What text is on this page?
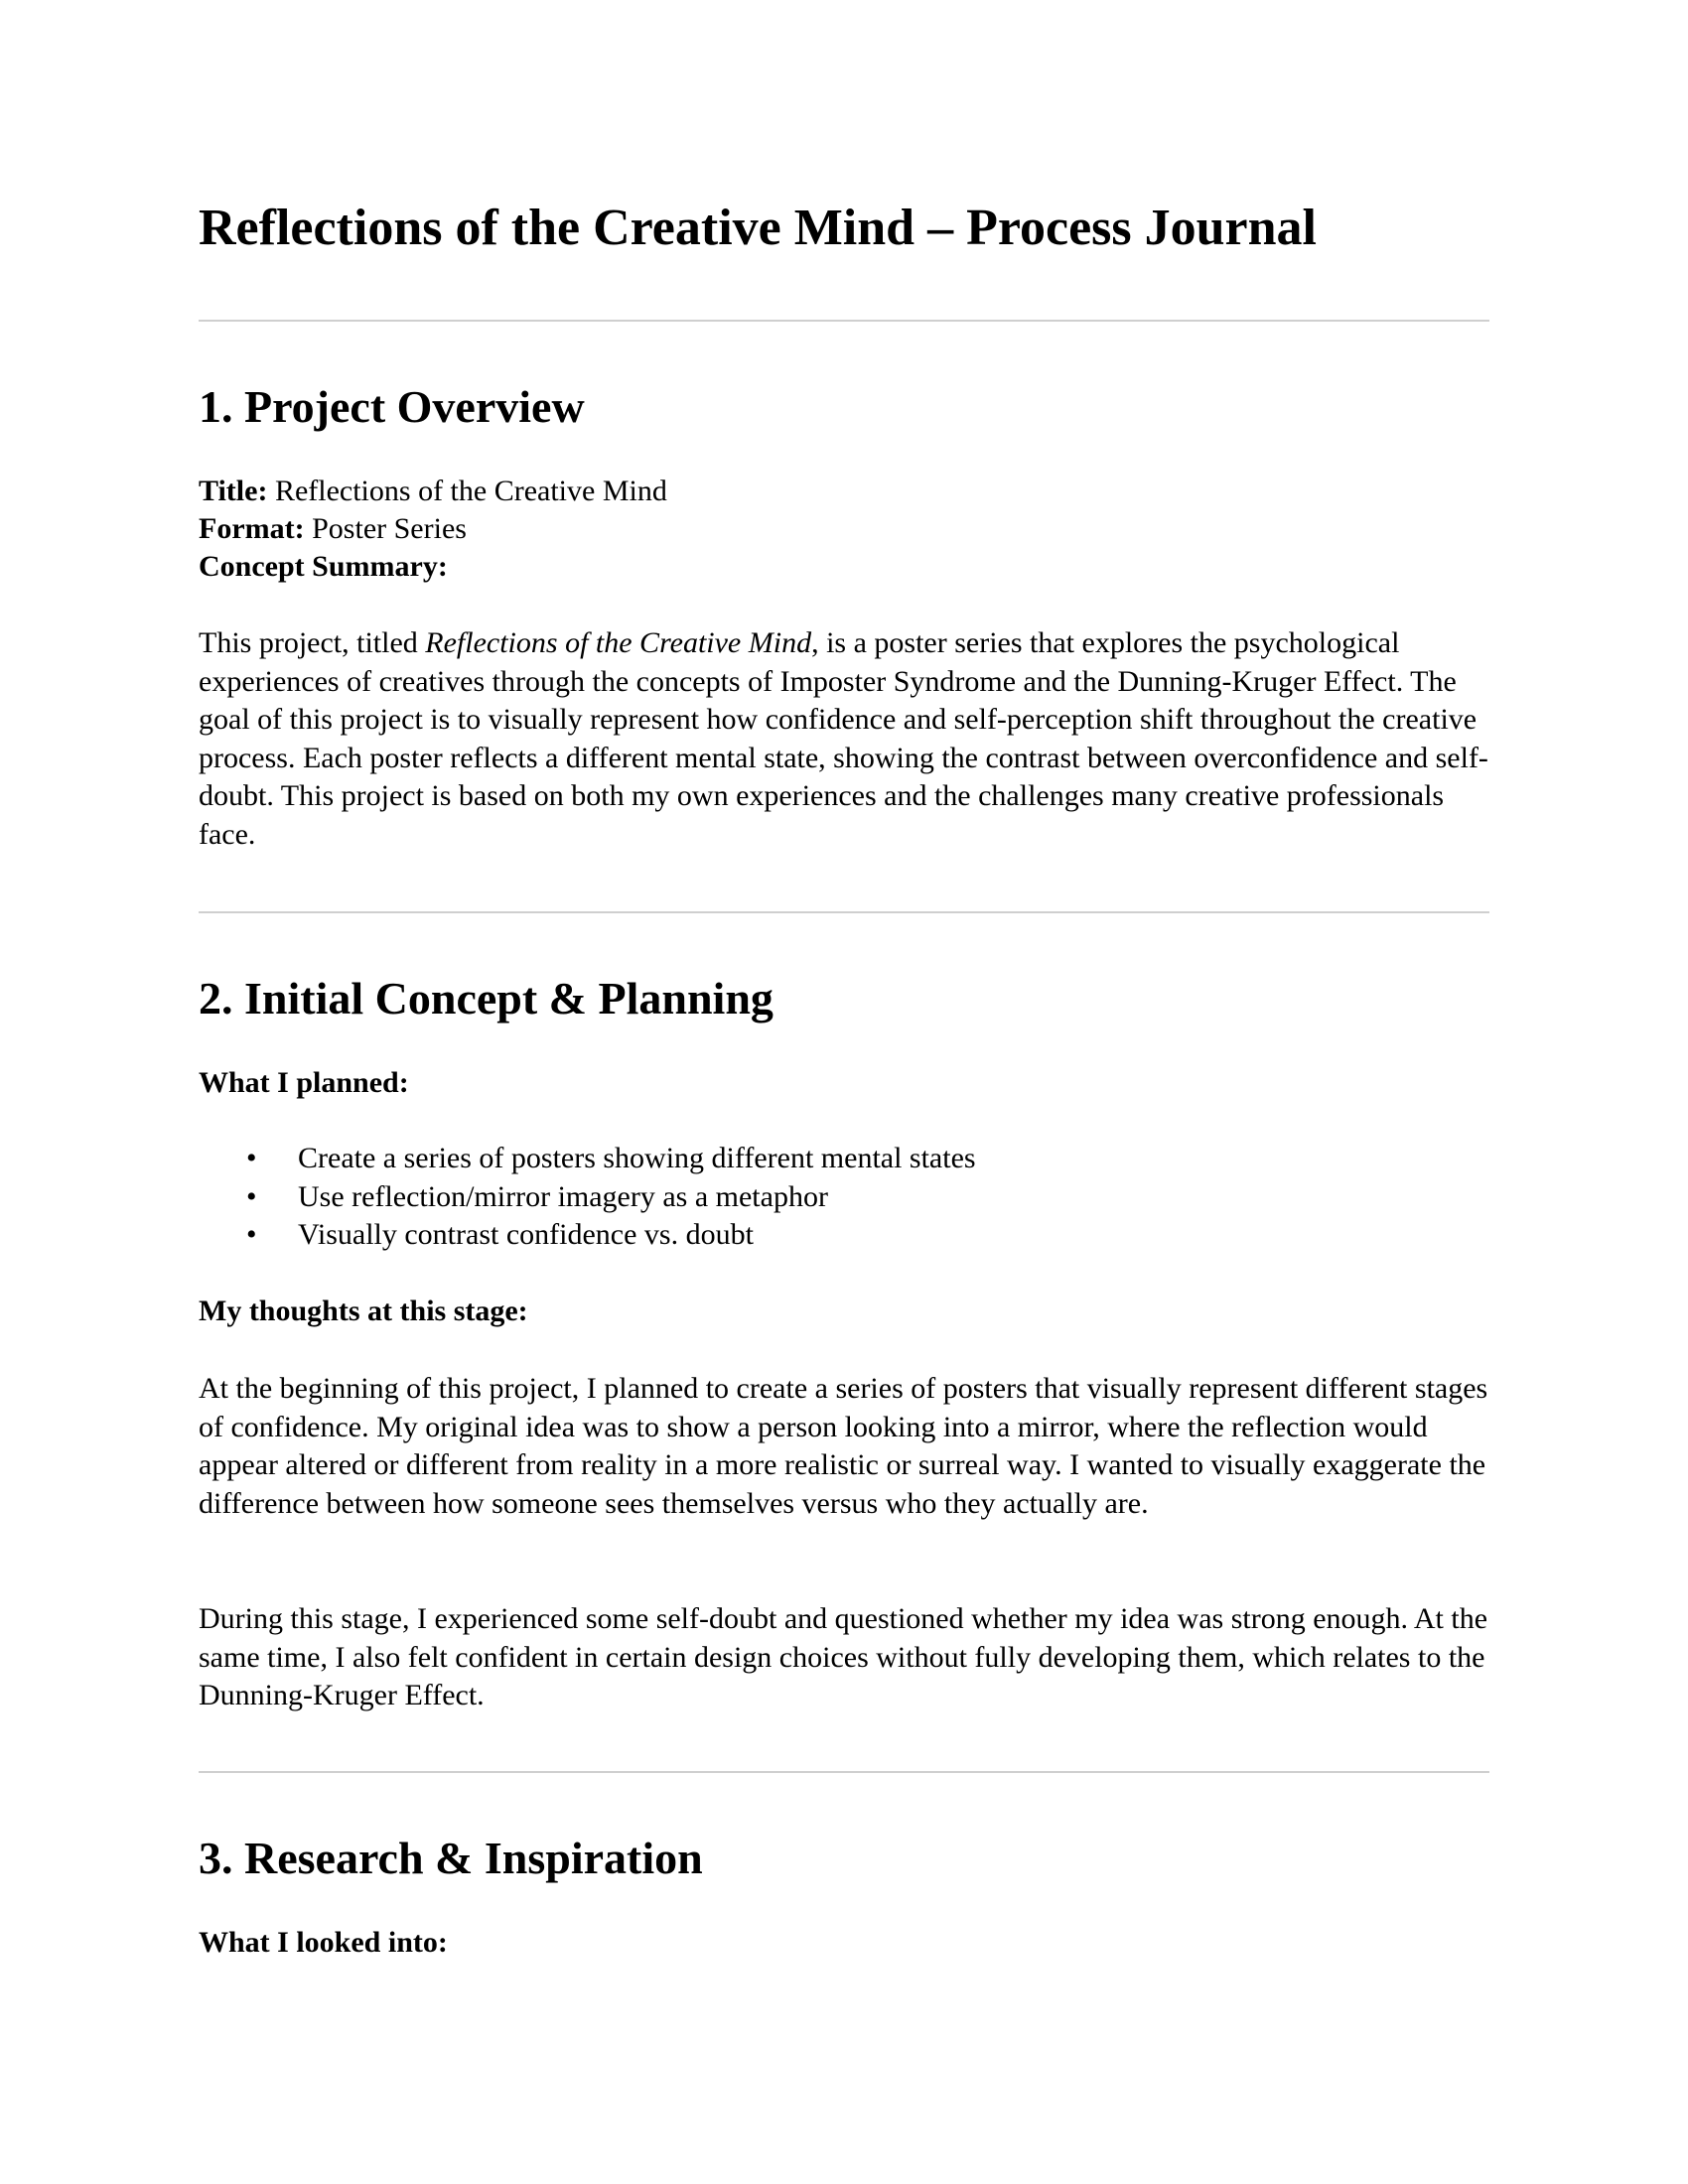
Reflections of the Creative Mind – Process Journal
1. Project Overview
Title: Reflections of the Creative Mind
Format: Poster Series
Concept Summary:

This project, titled Reflections of the Creative Mind, is a poster series that explores the psychological experiences of creatives through the concepts of Imposter Syndrome and the Dunning-Kruger Effect. The goal of this project is to visually represent how confidence and self-perception shift throughout the creative process. Each poster reflects a different mental state, showing the contrast between overconfidence and self-doubt. This project is based on both my own experiences and the challenges many creative professionals face.

2. Initial Concept & Planning
What I planned:
• Create a series of posters showing different mental states
• Use reflection/mirror imagery as a metaphor
• Visually contrast confidence vs. doubt
My thoughts at this stage:

At the beginning of this project, I planned to create a series of posters that visually represent different stages of confidence. My original idea was to show a person looking into a mirror, where the reflection would appear altered or different from reality in a more realistic or surreal way. I wanted to visually exaggerate the difference between how someone sees themselves versus who they actually are.

During this stage, I experienced some self-doubt and questioned whether my idea was strong enough. At the same time, I also felt confident in certain design choices without fully developing them, which relates to the Dunning-Kruger Effect.

3. Research & Inspiration
What I looked into:
